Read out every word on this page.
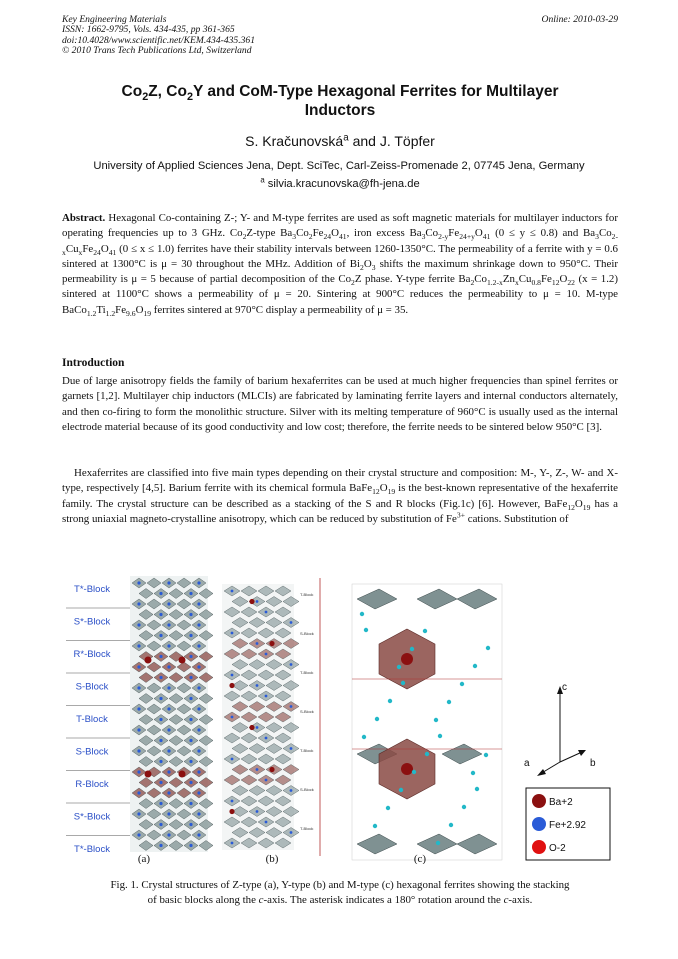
Key Engineering Materials
ISSN: 1662-9795, Vols. 434-435, pp 361-365
doi:10.4028/www.scientific.net/KEM.434-435.361
© 2010 Trans Tech Publications Ltd, Switzerland
Online: 2010-03-29
$Co_2Z$, $Co_2Y$ and CoM-Type Hexagonal Ferrites for Multilayer
Inductors
S. Kračunovská$^a$ and J. Töpfer
University of Applied Sciences Jena, Dept. SciTec, Carl-Zeiss-Promenade 2, 07745 Jena, Germany
$^a$ silvia.kracunovska@fh-jena.de
Abstract. Hexagonal Co-containing Z-; Y- and M-type ferrites are used as soft magnetic materials for multilayer inductors for operating frequencies up to 3 GHz. $Co_2Z$-type $Ba_3Co_2Fe_{24}O_{41}$, iron excess $Ba_3Co_{2-y}Fe_{24+y}O_{41}$ (0 ≤ y ≤ 0.8) and $Ba_3Co_{2-x}Cu_xFe_{24}O_{41}$ (0 ≤ x ≤ 1.0) ferrites have their stability intervals between 1260-1350°C. The permeability of a ferrite with y = 0.6 sintered at 1300°C is μ = 30 throughout the MHz. Addition of $Bi_2O_3$ shifts the maximum shrinkage down to 950°C. Their permeability is μ = 5 because of partial decomposition of the $Co_2Z$ phase. Y-type ferrite $Ba_2Co_{1.2-x}Zn_xCu_{0.8}Fe_{12}O_{22}$ (x = 1.2) sintered at 1100°C shows a permeability of μ = 20. Sintering at 900°C reduces the permeability to μ = 10. M-type $BaCo_{1.2}Ti_{1.2}Fe_{9.6}O_{19}$ ferrites sintered at 970°C display a permeability of μ = 35.
Introduction
Due of large anisotropy fields the family of barium hexaferrites can be used at much higher frequencies than spinel ferrites or garnets [1,2]. Multilayer chip inductors (MLCIs) are fabricated by laminating ferrite layers and internal conductors alternately, and then co-firing to form the monolithic structure. Silver with its melting temperature of 960°C is usually used as the internal electrode material because of its good conductivity and low cost; therefore, the ferrite needs to be sintered below 950°C [3].
Hexaferrites are classified into five main types depending on their crystal structure and composition: M-, Y-, Z-, W- and X-type, respectively [4,5]. Barium ferrite with its chemical formula $BaFe_{12}O_{19}$ is the best-known representative of the hexaferrite family. The crystal structure can be described as a stacking of the S and R blocks (Fig.1c) [6]. However, $BaFe_{12}O_{19}$ has a strong uniaxial magneto-crystalline anisotropy, which can be reduced by substitution of $Fe^{3+}$ cations. Substitution of
T*-Block
S*-Block
R*-Block
S-Block
T-Block
S-Block
R-Block
S*-Block
T*-Block
T-Block
S-Block
T-Block
S-Block
T-Block
S-Block
T-Block
(a)	(b)	(c)
c
a	b
Ba+2
Fe+2.92
O-2
Fig. 1. Crystal structures of Z-type (a), Y-type (b) and M-type (c) hexagonal ferrites showing the stacking
of basic blocks along the c-axis. The asterisk indicates a 180° rotation around the c-axis.
